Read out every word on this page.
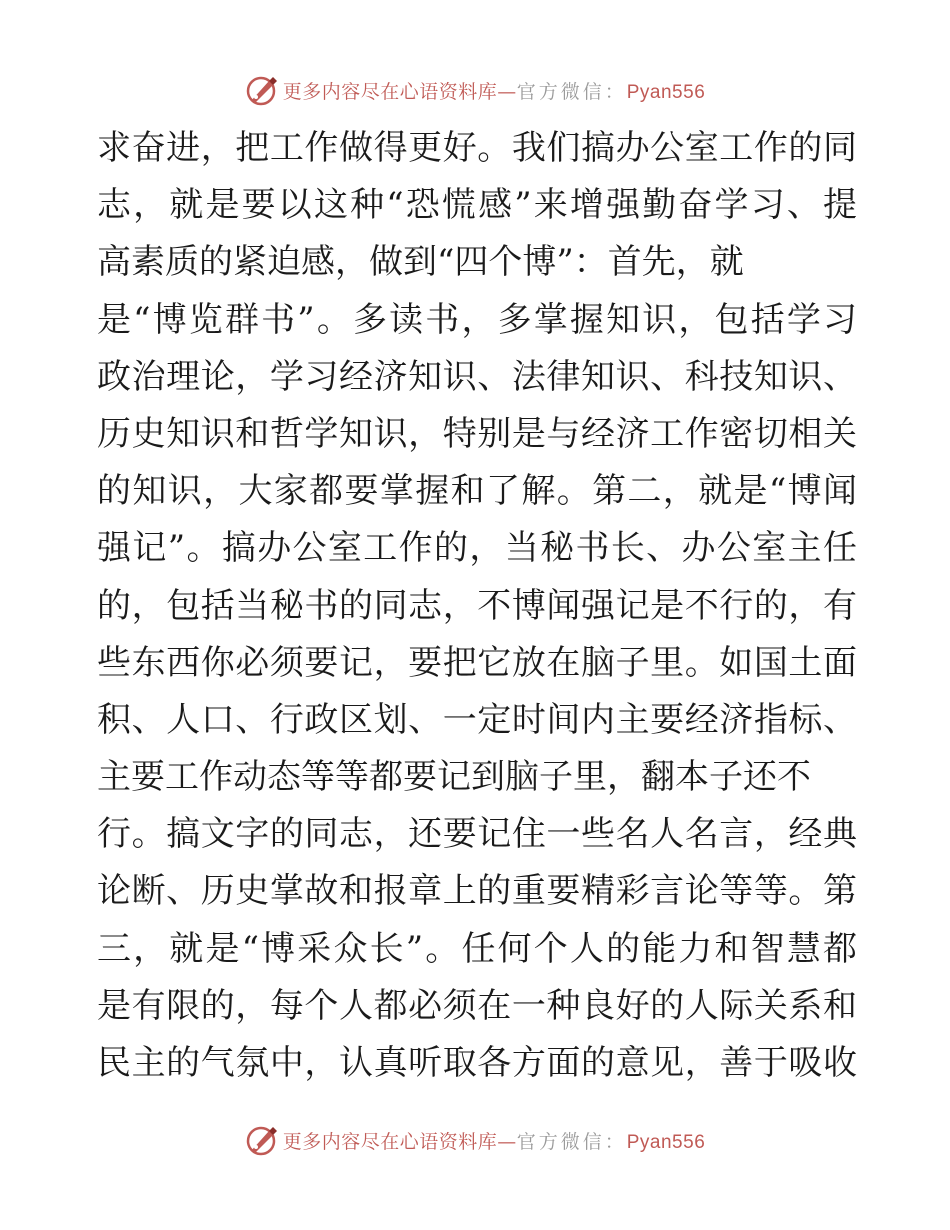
更多内容尽在心语资料库—官方微信：Pyan556
求奋进，把工作做得更好。我们搞办公室工作的同
志，就是要以这种“恐慌感”来增强勤奋学习、提
高素质的紧迫感，做到“四个博”：首先，就
是“博览群书”。多读书，多掌握知识，包括学习
政治理论，学习经济知识、法律知识、科技知识、
历史知识和哲学知识，特别是与经济工作密切相关
的知识，大家都要掌握和了解。第二，就是“博闻
强记”。搞办公室工作的，当秘书长、办公室主任
的，包括当秘书的同志，不博闻强记是不行的，有
些东西你必须要记，要把它放在脑子里。如国土面
积、人口、行政区划、一定时间内主要经济指标、
主要工作动态等等都要记到脑子里，翻本子还不
行。搞文字的同志，还要记住一些名人名言，经典
论断、历史掌故和报章上的重要精彩言论等等。第
三，就是“博采众长”。任何个人的能力和智慧都
是有限的，每个人都必须在一种良好的人际关系和
民主的气氛中，认真听取各方面的意见，善于吸收
更多内容尽在心语资料库—官方微信：Pyan556
